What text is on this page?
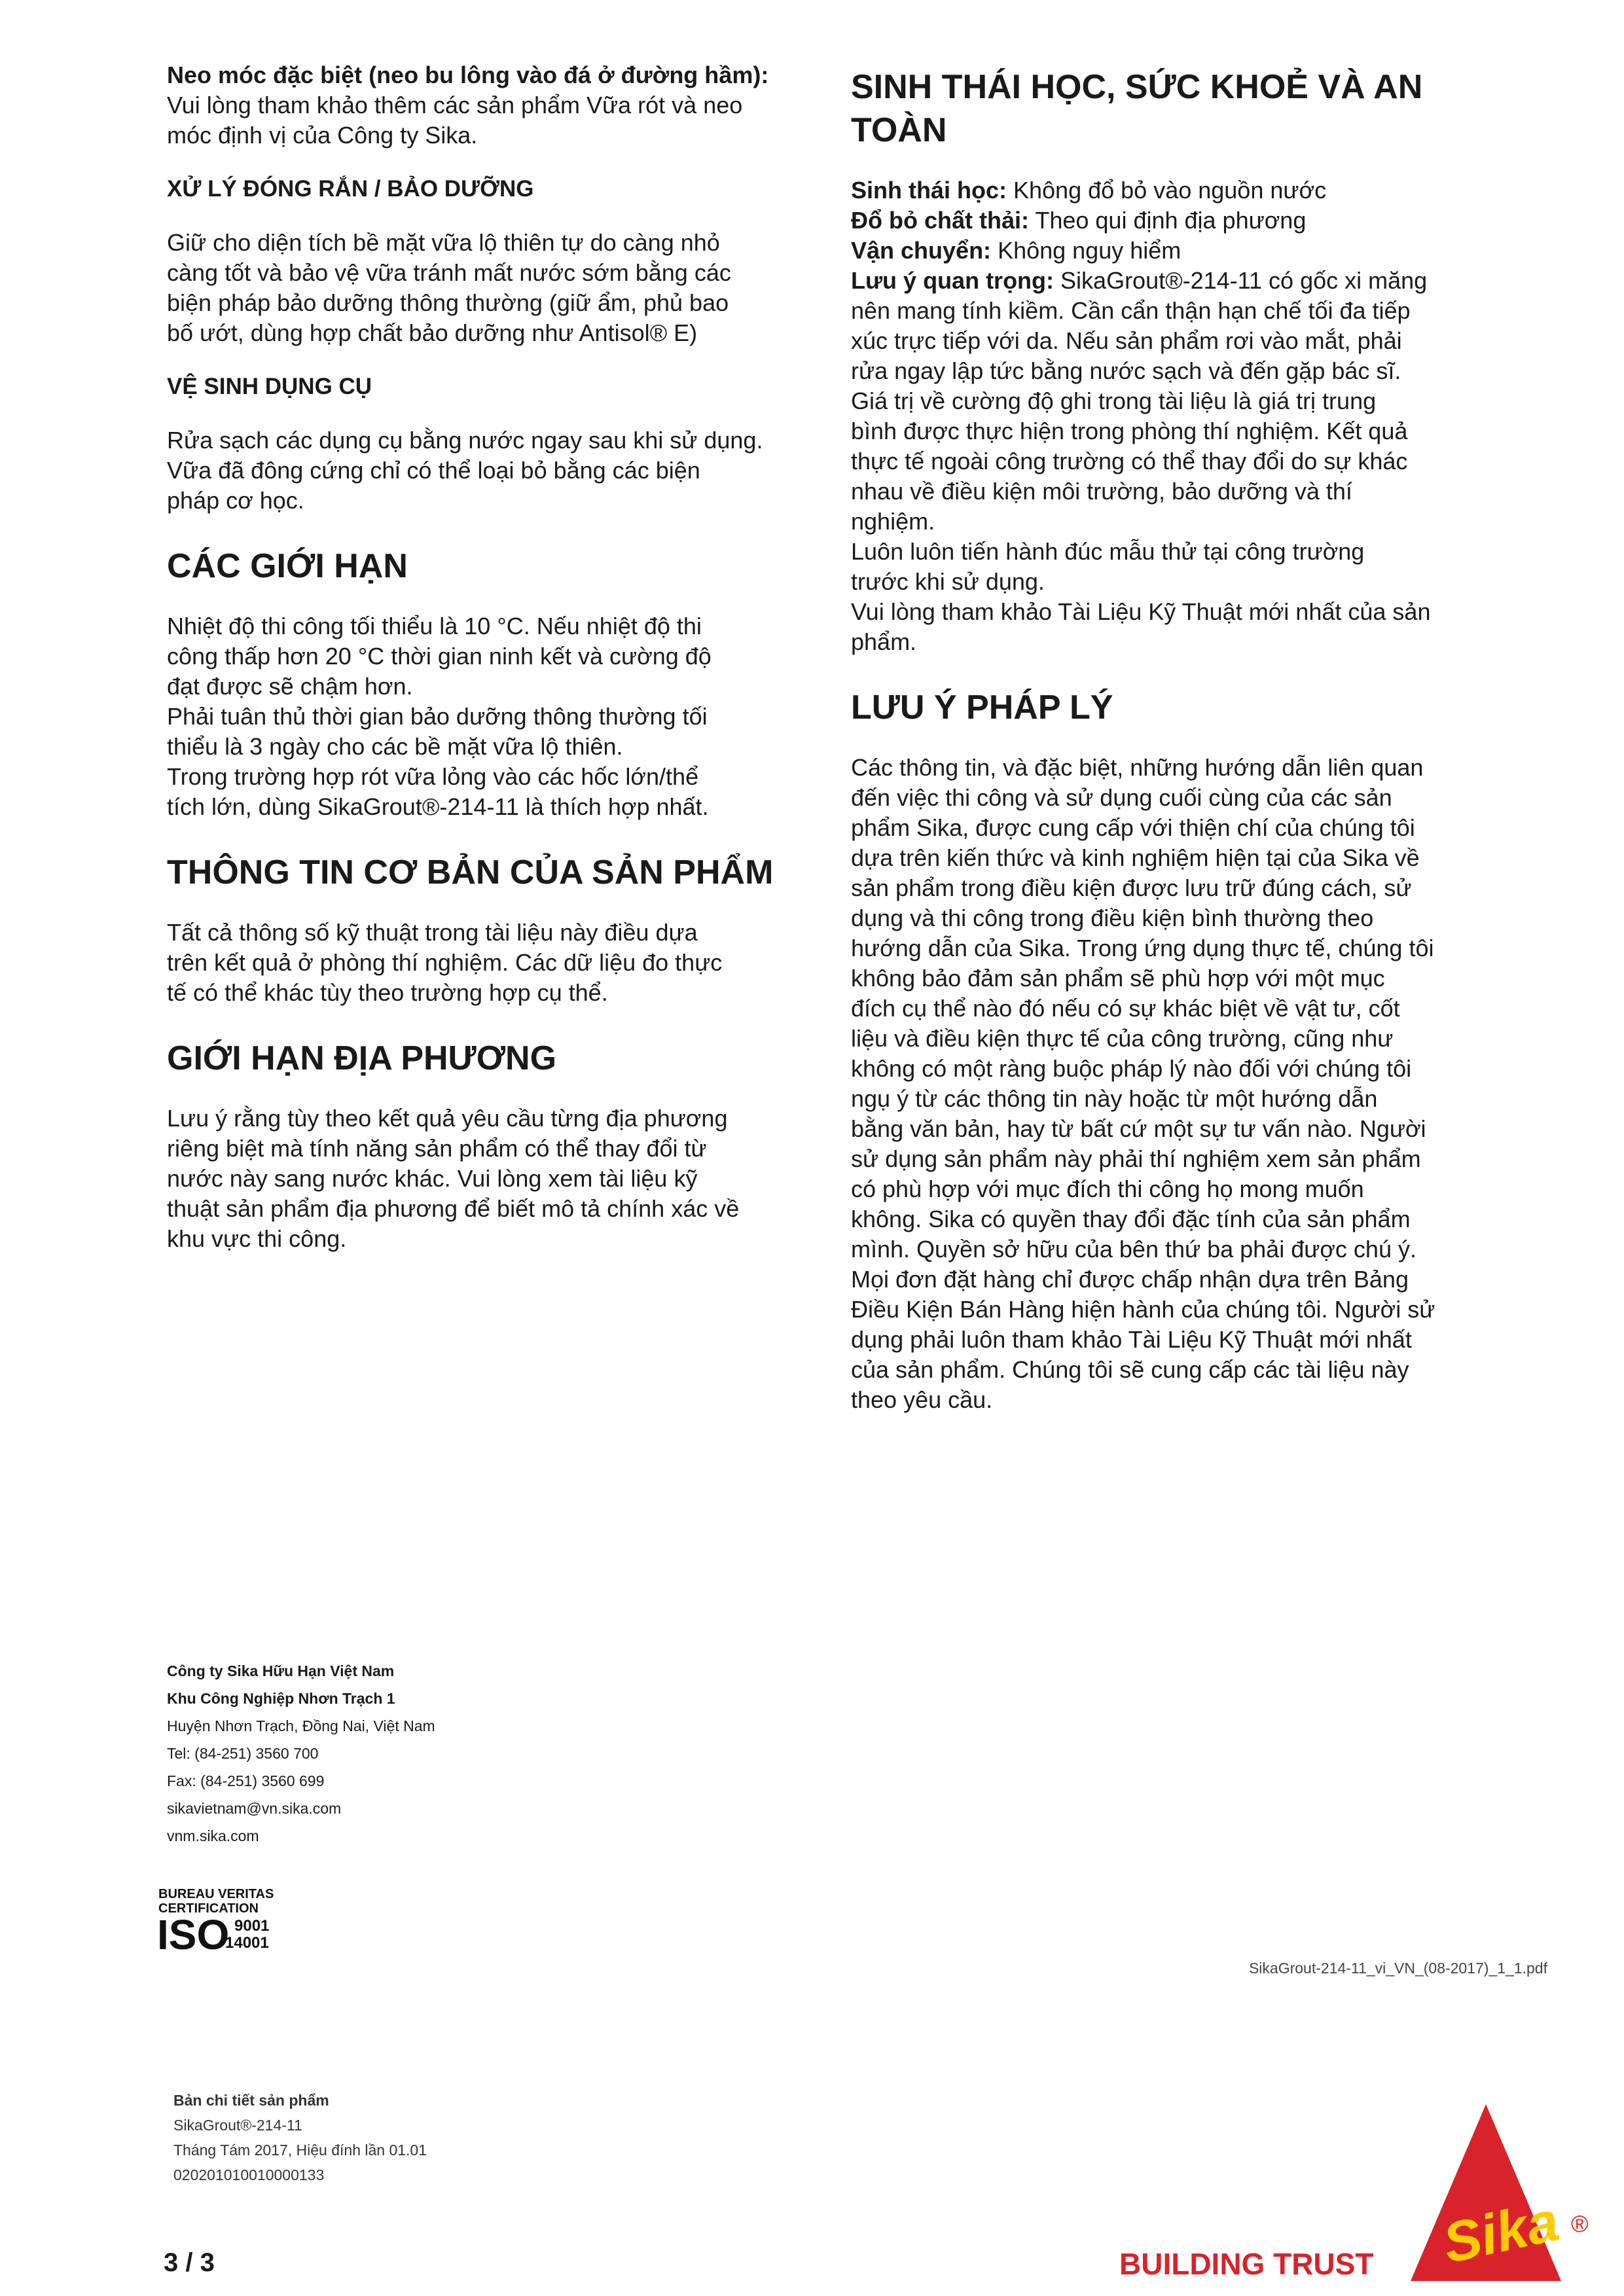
Neo móc đặc biệt (neo bu lông vào đá ở đường hầm):

Vui lòng tham khảo thêm các sản phẩm Vữa rót và neo

móc định vị của Công ty Sika.

XỬ LÝ ĐÓNG RẮN / BẢO DƯỠNG

Giữ cho diện tích bề mặt vữa lộ thiên tự do càng nhỏ

càng tốt và bảo vệ vữa tránh mất nước sớm bằng các

biện pháp bảo dưỡng thông thường (giữ ẩm, phủ bao

bố ướt, dùng hợp chất bảo dưỡng như Antisol® E)

VỆ SINH DỤNG CỤ

Rửa sạch các dụng cụ bằng nước ngay sau khi sử dụng.

Vữa đã đông cứng chỉ có thể loại bỏ bằng các biện

pháp cơ học.

CÁC GIỚI HẠN

Nhiệt độ thi công tối thiểu là 10 °C. Nếu nhiệt độ thi

công thấp hơn 20 °C thời gian ninh kết và cường độ

đạt được sẽ chậm hơn.

Phải tuân thủ thời gian bảo dưỡng thông thường tối

thiểu là 3 ngày cho các bề mặt vữa lộ thiên.

Trong trường hợp rót vữa lỏng vào các hốc lớn/thể

tích lớn, dùng SikaGrout®-214-11 là thích hợp nhất.

THÔNG TIN CƠ BẢN CỦA SẢN PHẨM

Tất cả thông số kỹ thuật trong tài liệu này điều dựa

trên kết quả ở phòng thí nghiệm. Các dữ liệu đo thực

tế có thể khác tùy theo trường hợp cụ thể.

GIỚI HẠN ĐỊA PHƯƠNG

Lưu ý rằng tùy theo kết quả yêu cầu từng địa phương

riêng biệt mà tính năng sản phẩm có thể thay đổi từ

nước này sang nước khác. Vui lòng xem tài liệu kỹ

thuật sản phẩm địa phương để biết mô tả chính xác về

khu vực thi công.

SINH THÁI HỌC, SỨC KHOẺ VÀ AN

TOÀN

Sinh thái học: Không đổ bỏ vào nguồn nước

Đổ bỏ chất thải: Theo qui định địa phương

Vận chuyển: Không nguy hiểm

Lưu ý quan trọng: SikaGrout®-214-11 có gốc xi măng

nên mang tính kiềm. Cần cẩn thận hạn chế tối đa tiếp

xúc trực tiếp với da. Nếu sản phẩm rơi vào mắt, phải

rửa ngay lập tức bằng nước sạch và đến gặp bác sĩ.

Giá trị về cường độ ghi trong tài liệu là giá trị trung

bình được thực hiện trong phòng thí nghiệm. Kết quả

thực tế ngoài công trường có thể thay đổi do sự khác

nhau về điều kiện môi trường, bảo dưỡng và thí

nghiệm.

Luôn luôn tiến hành đúc mẫu thử tại công trường

trước khi sử dụng.

Vui lòng tham khảo Tài Liệu Kỹ Thuật mới nhất của sản

phẩm.

LƯU Ý PHÁP LÝ

Các thông tin, và đặc biệt, những hướng dẫn liên quan

đến việc thi công và sử dụng cuối cùng của các sản

phẩm Sika, được cung cấp với thiện chí của chúng tôi

dựa trên kiến thức và kinh nghiệm hiện tại của Sika về

sản phẩm trong điều kiện được lưu trữ đúng cách, sử

dụng và thi công trong điều kiện bình thường theo

hướng dẫn của Sika. Trong ứng dụng thực tế, chúng tôi

không bảo đảm sản phẩm sẽ phù hợp với một mục

đích cụ thể nào đó nếu có sự khác biệt về vật tư, cốt

liệu và điều kiện thực tế của công trường, cũng như

không có một ràng buộc pháp lý nào đối với chúng tôi

ngụ ý từ các thông tin này hoặc từ một hướng dẫn

bằng văn bản, hay từ bất cứ một sự tư vấn nào. Người

sử dụng sản phẩm này phải thí nghiệm xem sản phẩm

có phù hợp với mục đích thi công họ mong muốn

không. Sika có quyền thay đổi đặc tính của sản phẩm

mình. Quyền sở hữu của bên thứ ba phải được chú ý.

Mọi đơn đặt hàng chỉ được chấp nhận dựa trên Bảng

Điều Kiện Bán Hàng hiện hành của chúng tôi. Người sử

dụng phải luôn tham khảo Tài Liệu Kỹ Thuật mới nhất

của sản phẩm. Chúng tôi sẽ cung cấp các tài liệu này

theo yêu cầu.

Công ty Sika Hữu Hạn Việt Nam

Khu Công Nghiệp Nhơn Trạch 1

Huyện Nhơn Trạch, Đồng Nai, Việt Nam

Tel: (84-251) 3560 700

Fax: (84-251) 3560 699

sikavietnam@vn.sika.com

vnm.sika.com

BUREAU VERITAS
CERTIFICATION
ISO 9001
14001
SikaGrout-214-11_vi_VN_(08-2017)_1_1.pdf

Bản chi tiết sản phẩm

SikaGrout®-214-11

Tháng Tám 2017, Hiệu đính lần 01.01

020201010010000133

3 / 3	BUILDING TRUST Sika ®
